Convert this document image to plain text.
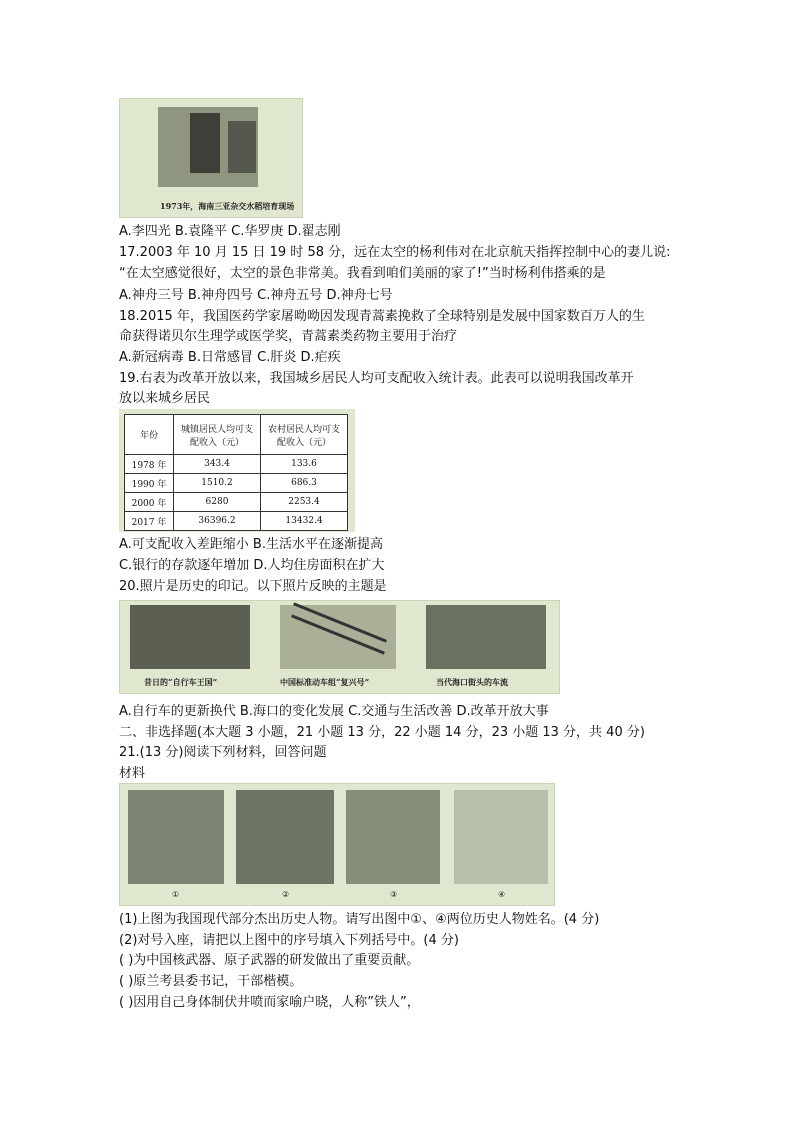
1973年，海南三亚杂交水稻培育现场
A.李四光 B.袁隆平 C.华罗庚 D.翟志刚
17.2003 年 10 月 15 日 19 时 58 分，远在太空的杨利伟对在北京航天指挥控制中心的妻儿说:
“在太空感觉很好，太空的景色非常美。我看到咱们美丽的家了!”当时杨利伟搭乘的是
A.神舟三号 B.神舟四号 C.神舟五号 D.神舟七号
18.2015 年，我国医药学家屠呦呦因发现青蒿素挽救了全球特别是发展中国家数百万人的生
命获得诺贝尔生理学或医学奖，青蒿素类药物主要用于治疗
A.新冠病毒 B.日常感冒 C.肝炎 D.疟疾
19.右表为改革开放以来，我国城乡居民人均可支配收入统计表。此表可以说明我国改革开
放以来城乡居民
年份	城镇居民人均可支配收入（元）	农村居民人均可支配收入（元）
1978 年	343.4	133.6
1990 年	1510.2	686.3
2000 年	6280	2253.4
2017 年	36396.2	13432.4
A.可支配收入差距缩小 B.生活水平在逐渐提高
C.银行的存款逐年增加 D.人均住房面积在扩大
20.照片是历史的印记。以下照片反映的主题是
昔日的“自行车王国”	中国标准动车组“复兴号”	当代海口街头的车流
A.自行车的更新换代 B.海口的变化发展 C.交通与生活改善 D.改革开放大事
二、非选择题(本大题 3 小题，21 小题 13 分，22 小题 14 分，23 小题 13 分，共 40 分)
21.(13 分)阅读下列材料，回答问题
材料
①	②	③	④
(1)上图为我国现代部分杰出历史人物。请写出图中①、④两位历史人物姓名。(4 分)
(2)对号入座，请把以上图中的序号填入下列括号中。(4 分)
( )为中国核武器、原子武器的研发做出了重要贡献。
( )原兰考县委书记，干部楷模。
( )因用自己身体制伏井喷而家喻户晓，人称”铁人”，
